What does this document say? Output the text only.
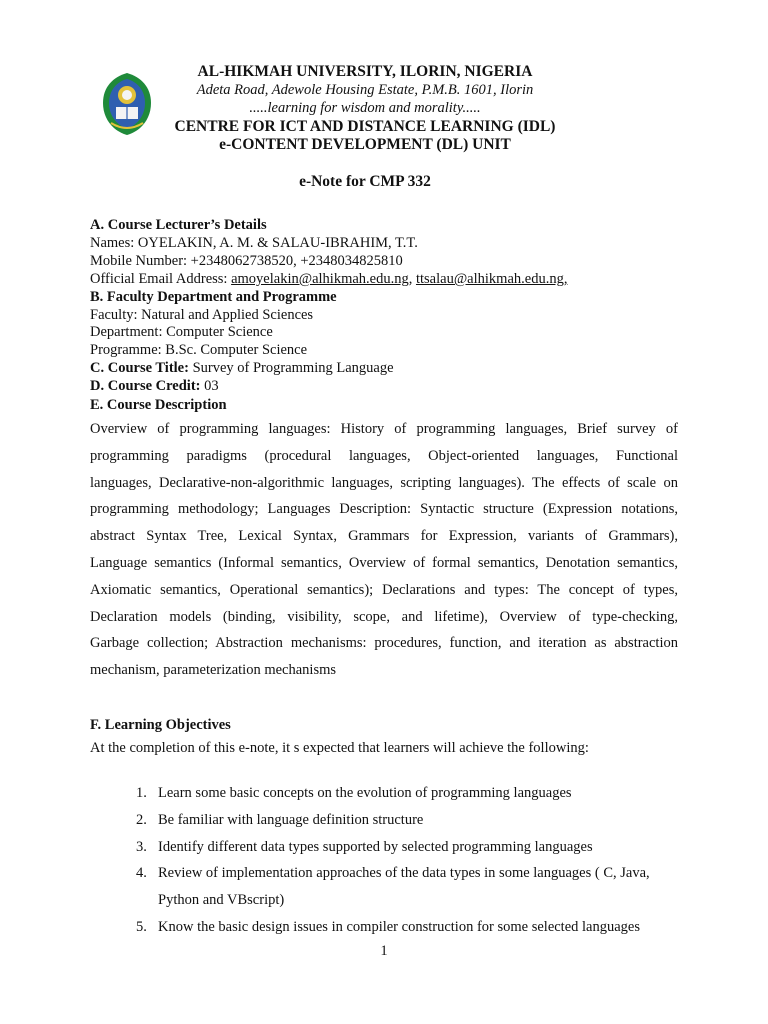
AL-HIKMAH UNIVERSITY, ILORIN, NIGERIA
Adeta Road, Adewole Housing Estate, P.M.B. 1601, Ilorin
.....learning for wisdom and morality.....
CENTRE FOR ICT AND DISTANCE LEARNING (IDL)
e-CONTENT DEVELOPMENT (DL) UNIT
e-Note for CMP 332
A. Course Lecturer’s Details
Names: OYELAKIN, A. M. & SALAU-IBRAHIM, T.T.
Mobile Number: +2348062738520, +2348034825810
Official Email Address: amoyelakin@alhikmah.edu.ng, ttsalau@alhikmah.edu.ng,
B. Faculty Department and Programme
Faculty: Natural and Applied Sciences
Department: Computer Science
Programme: B.Sc. Computer Science
C. Course Title: Survey of Programming Language
D. Course Credit: 03
E. Course Description
Overview of programming languages: History of programming languages, Brief survey of
programming paradigms (procedural languages, Object-oriented languages, Functional
languages, Declarative-non-algorithmic languages, scripting languages). The effects of scale on
programming methodology; Languages Description: Syntactic structure (Expression notations,
abstract Syntax Tree, Lexical Syntax, Grammars for Expression, variants of Grammars),
Language semantics (Informal semantics, Overview of formal semantics, Denotation semantics,
Axiomatic semantics, Operational semantics); Declarations and types: The concept of types,
Declaration models (binding, visibility, scope, and lifetime), Overview of type-checking,
Garbage collection; Abstraction mechanisms: procedures, function, and iteration as abstraction
mechanism, parameterization mechanisms
F. Learning Objectives
At the completion of this e-note, it s expected that learners will achieve the following:
1. Learn some basic concepts on the evolution of programming languages
2. Be familiar with language definition structure
3. Identify different data types supported by selected programming languages
4. Review of implementation approaches of the data types in some languages ( C, Java,
Python and VBscript)
5. Know the basic design issues in compiler construction for some selected languages
1
